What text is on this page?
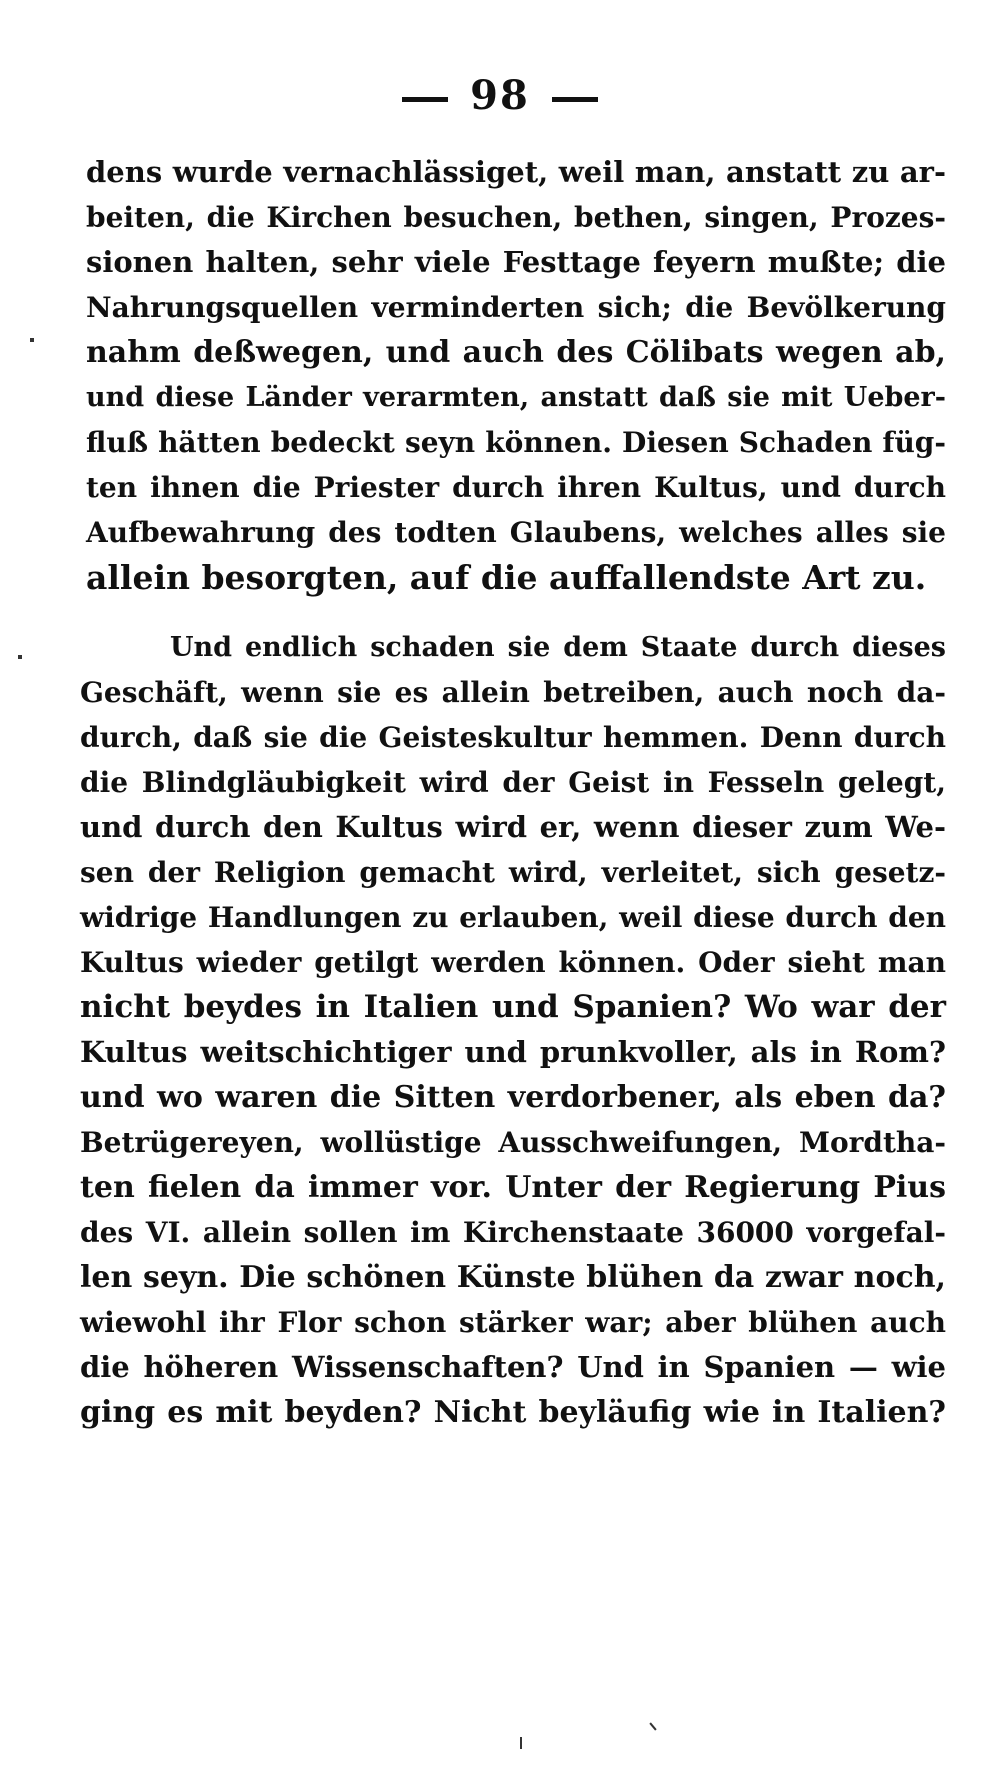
98
dens wurde vernachlässiget, weil man, anstatt zu ar-
beiten, die Kirchen besuchen, bethen, singen, Prozes-
sionen halten, sehr viele Festtage feyern mußte; die
Nahrungsquellen verminderten sich; die Bevölkerung
nahm deßwegen, und auch des Cölibats wegen ab,
und diese Länder verarmten, anstatt daß sie mit Ueber-
fluß hätten bedeckt seyn können. Diesen Schaden füg-
ten ihnen die Priester durch ihren Kultus, und durch
Aufbewahrung des todten Glaubens, welches alles sie
allein besorgten, auf die auffallendste Art zu.
Und endlich schaden sie dem Staate durch dieses
Geschäft, wenn sie es allein betreiben, auch noch da-
durch, daß sie die Geisteskultur hemmen. Denn durch
die Blindgläubigkeit wird der Geist in Fesseln gelegt,
und durch den Kultus wird er, wenn dieser zum We-
sen der Religion gemacht wird, verleitet, sich gesetz-
widrige Handlungen zu erlauben, weil diese durch den
Kultus wieder getilgt werden können. Oder sieht man
nicht beydes in Italien und Spanien? Wo war der
Kultus weitschichtiger und prunkvoller, als in Rom?
und wo waren die Sitten verdorbener, als eben da?
Betrügereyen, wollüstige Ausschweifungen, Mordtha-
ten fielen da immer vor. Unter der Regierung Pius
des VI. allein sollen im Kirchenstaate 36000 vorgefal-
len seyn. Die schönen Künste blühen da zwar noch,
wiewohl ihr Flor schon stärker war; aber blühen auch
die höheren Wissenschaften? Und in Spanien — wie
ging es mit beyden? Nicht beyläufig wie in Italien?
